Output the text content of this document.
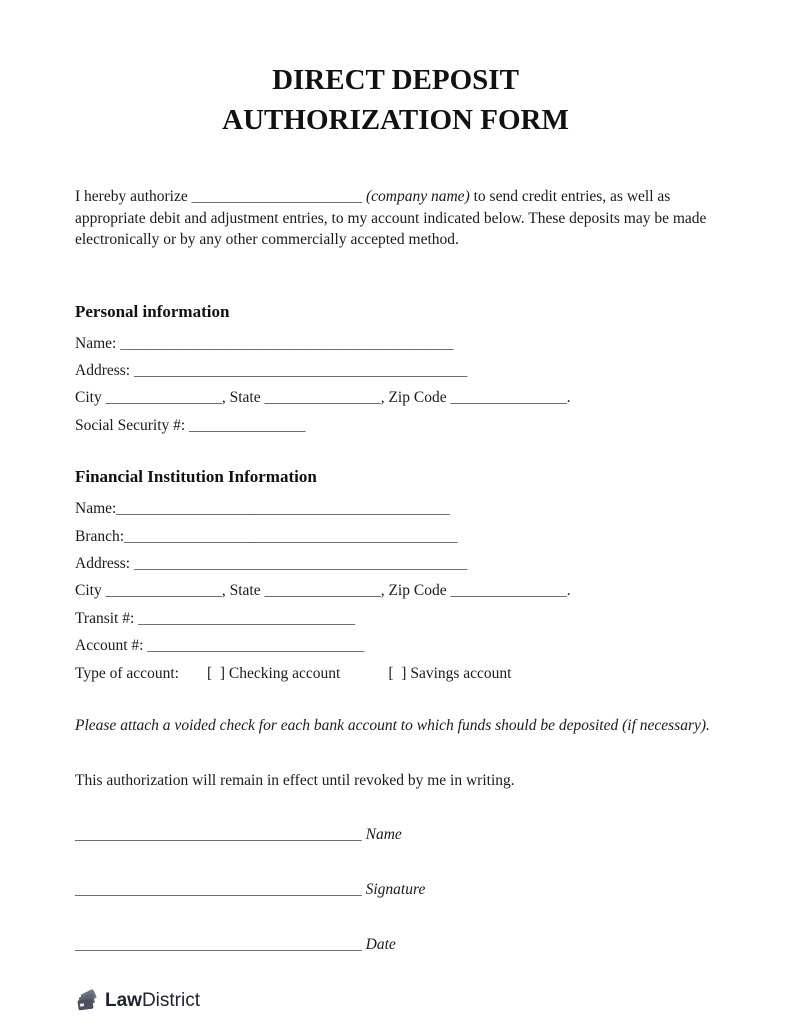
DIRECT DEPOSIT
AUTHORIZATION FORM

I hereby authorize ______________________ (company name) to send credit entries, as well as appropriate debit and adjustment entries, to my account indicated below. These deposits may be made electronically or by any other commercially accepted method.

Personal information
Name: ___________________________________________
Address: ___________________________________________
City _______________, State _______________, Zip Code _______________.
Social Security #: _______________
Financial Institution Information
Name:___________________________________________
Branch:___________________________________________
Address: ___________________________________________
City _______________, State _______________, Zip Code _______________.
Transit #: ____________________________
Account #: ____________________________
Type of account: [  ] Checking account	[  ] Savings account

Please attach a voided check for each bank account to which funds should be deposited (if necessary).

This authorization will remain in effect until revoked by me in writing.

_____________________________________ Name
_____________________________________ Signature
_____________________________________ Date
LawDistrict
